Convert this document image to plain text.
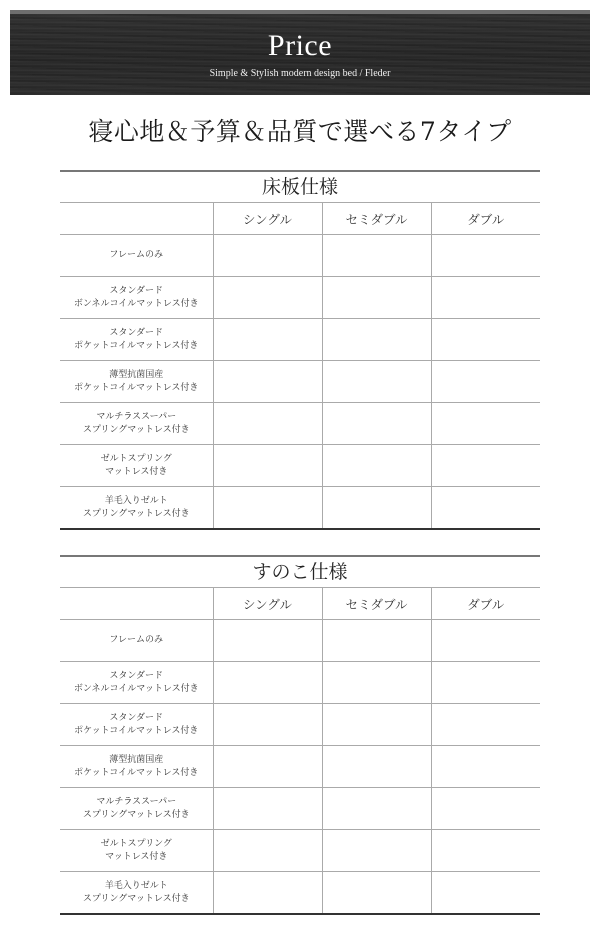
Price
Simple & Stylish modern design bed / Fleder
寝心地＆予算＆品質で選べる7タイプ
床板仕様
	シングル	セミダブル	ダブル

フレームのみ			

スタンダード
ボンネルコイルマットレス付き			

スタンダード
ポケットコイルマットレス付き			

薄型抗菌国産
ポケットコイルマットレス付き			

マルチラススーパー
スプリングマットレス付き			

ゼルトスプリング
マットレス付き			

羊毛入りゼルト
スプリングマットレス付き			

すのこ仕様
	シングル	セミダブル	ダブル

フレームのみ			

スタンダード
ボンネルコイルマットレス付き			

スタンダード
ポケットコイルマットレス付き			

薄型抗菌国産
ポケットコイルマットレス付き			

マルチラススーパー
スプリングマットレス付き			

ゼルトスプリング
マットレス付き			

羊毛入りゼルト
スプリングマットレス付き			
